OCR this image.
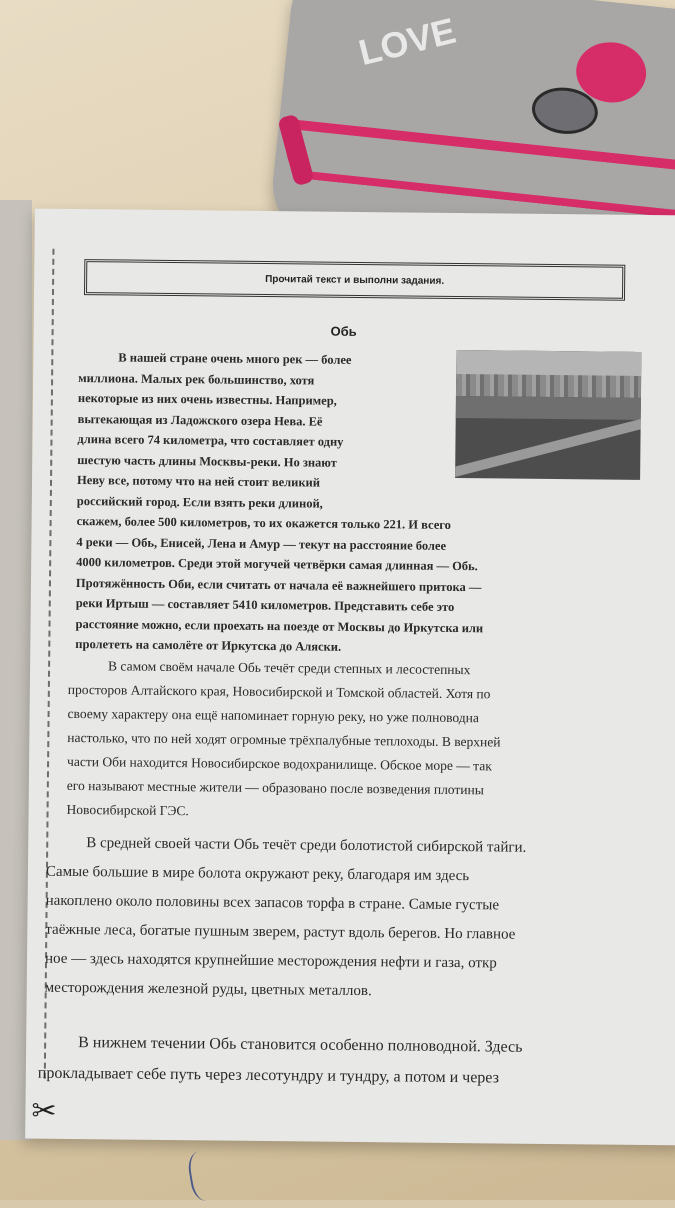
LOVE
✂
Прочитай текст и выполни задания.
Обь
В нашей стране очень много рек — более
миллиона. Малых рек большинство, хотя
некоторые из них очень известны. Например,
вытекающая из Ладожского озера Нева. Её
длина всего 74 километра, что составляет одну
шестую часть длины Москвы-реки. Но знают
Неву все, потому что на ней стоит великий
российский город. Если взять реки длиной,
скажем, более 500 километров, то их окажется только 221. И всего
4 реки — Обь, Енисей, Лена и Амур — текут на расстояние более
4000 километров. Среди этой могучей четвёрки самая длинная — Обь.
Протяжённость Оби, если считать от начала её важнейшего притока —
реки Иртыш — составляет 5410 километров. Представить себе это
расстояние можно, если проехать на поезде от Москвы до Иркутска или
пролететь на самолёте от Иркутска до Аляски.
В самом своём начале Обь течёт среди степных и лесостепных
просторов Алтайского края, Новосибирской и Томской областей. Хотя по
своему характеру она ещё напоминает горную реку, но уже полноводна
настолько, что по ней ходят огромные трёхпалубные теплоходы. В верхней
части Оби находится Новосибирское водохранилище. Обское море — так
его называют местные жители — образовано после возведения плотины
Новосибирской ГЭС.
В средней своей части Обь течёт среди болотистой сибирской тайги.
Самые большие в мире болота окружают реку, благодаря им здесь
накоплено около половины всех запасов торфа в стране. Самые густые
таёжные леса, богатые пушным зверем, растут вдоль берегов. Но главное
ное — здесь находятся крупнейшие месторождения нефти и газа, откр
месторождения железной руды, цветных металлов.
В нижнем течении Обь становится особенно полноводной. Здесь
прокладывает себе путь через лесотундру и тундру, а потом и через
